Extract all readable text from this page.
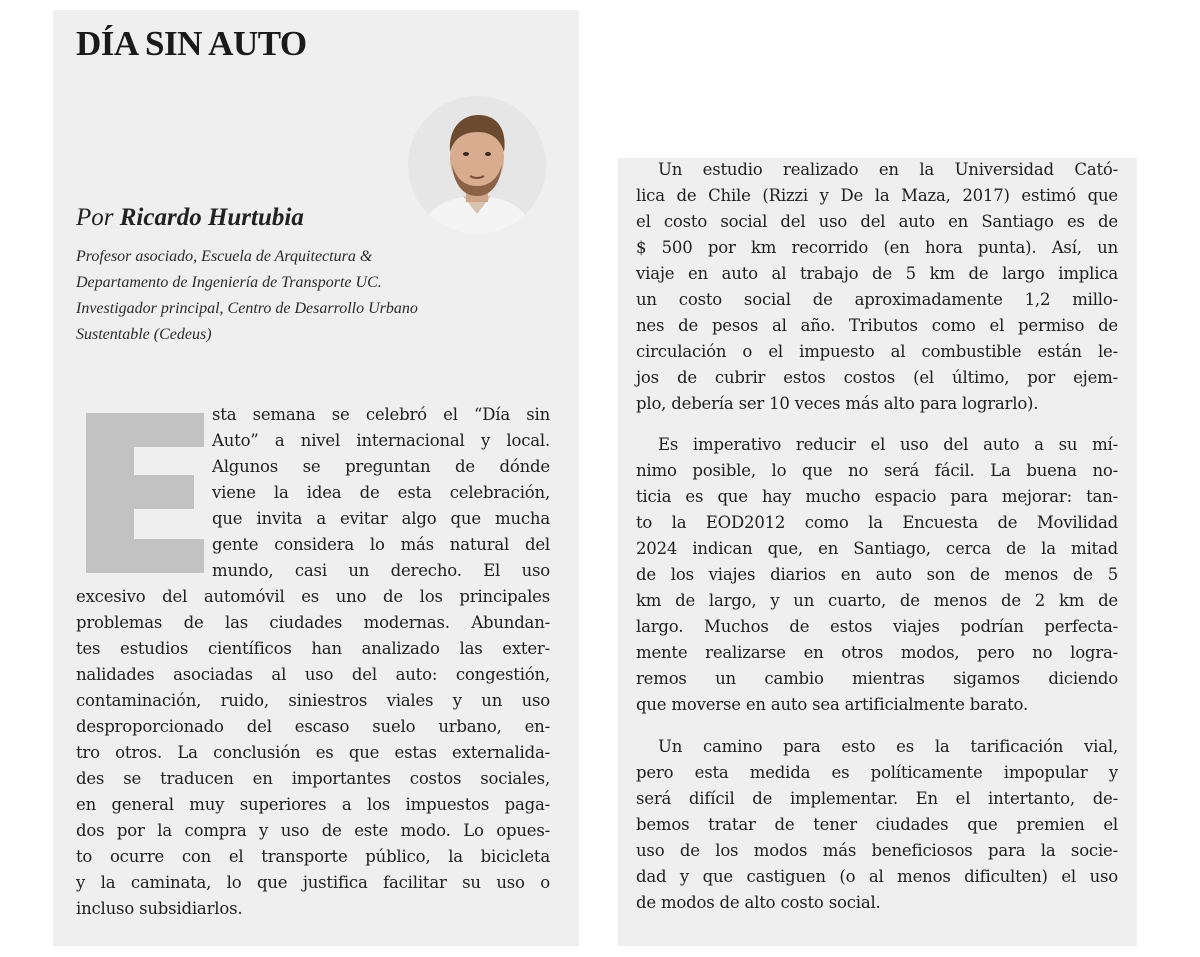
DÍA SIN AUTO

Por Ricardo Hurtubia

Profesor asociado, Escuela de Arquitectura &
Departamento de Ingeniería de Transporte UC.
Investigador principal, Centro de Desarrollo Urbano
Sustentable (Cedeus)

sta semana se celebró el “Día sin
Auto” a nivel internacional y local.
Algunos se preguntan de dónde
viene la idea de esta celebración,
que invita a evitar algo que mucha
gente considera lo más natural del
mundo, casi un derecho. El uso
excesivo del automóvil es uno de los principales
problemas de las ciudades modernas. Abundan-
tes estudios científicos han analizado las exter-
nalidades asociadas al uso del auto: congestión,
contaminación, ruido, siniestros viales y un uso
desproporcionado del escaso suelo urbano, en-
tro otros. La conclusión es que estas externalida-
des se traducen en importantes costos sociales,
en general muy superiores a los impuestos paga-
dos por la compra y uso de este modo. Lo opues-
to ocurre con el transporte público, la bicicleta
y la caminata, lo que justifica facilitar su uso o
incluso subsidiarlos.
Un estudio realizado en la Universidad Cató-
lica de Chile (Rizzi y De la Maza, 2017) estimó que
el costo social del uso del auto en Santiago es de
$ 500 por km recorrido (en hora punta). Así, un
viaje en auto al trabajo de 5 km de largo implica
un costo social de aproximadamente 1,2 millo-
nes de pesos al año. Tributos como el permiso de
circulación o el impuesto al combustible están le-
jos de cubrir estos costos (el último, por ejem-
plo, debería ser 10 veces más alto para lograrlo).
Es imperativo reducir el uso del auto a su mí-
nimo posible, lo que no será fácil. La buena no-
ticia es que hay mucho espacio para mejorar: tan-
to la EOD2012 como la Encuesta de Movilidad
2024 indican que, en Santiago, cerca de la mitad
de los viajes diarios en auto son de menos de 5
km de largo, y un cuarto, de menos de 2 km de
largo. Muchos de estos viajes podrían perfecta-
mente realizarse en otros modos, pero no logra-
remos un cambio mientras sigamos diciendo
que moverse en auto sea artificialmente barato.
Un camino para esto es la tarificación vial,
pero esta medida es políticamente impopular y
será difícil de implementar. En el intertanto, de-
bemos tratar de tener ciudades que premien el
uso de los modos más beneficiosos para la socie-
dad y que castiguen (o al menos dificulten) el uso
de modos de alto costo social.
